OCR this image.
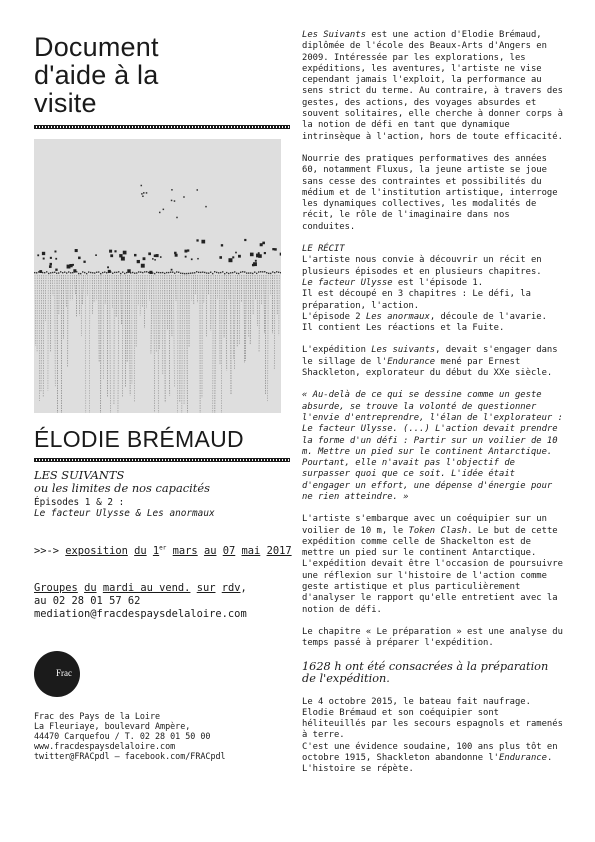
Document
d'aide à la
visite
ÉLODIE BRÉMAUD
LES SUIVANTS
ou les limites de nos capacités
Épisodes 1 & 2 :
Le facteur Ulysse & Les anormaux
>>-> exposition du 1er mars au 07 mai 2017
Groupes du mardi au vend. sur rdv,
au 02 28 01 57 62
mediation@fracdespaysdelaloire.com
Frac
Frac des Pays de la Loire
La Fleuriaye, boulevard Ampère,
44470 Carquefou / T. 02 28 01 50 00
www.fracdespaysdelaloire.com
twitter@FRACpdl – facebook.com/FRACpdl

Les Suivants est une action d'Elodie Brémaud, diplômée de l'école des Beaux-Arts d'Angers en 2009. Intéressée par les explorations, les expéditions, les aventures, l'artiste ne vise cependant jamais l'exploit, la performance au sens strict du terme. Au contraire, à travers des gestes, des actions, des voyages absurdes et souvent solitaires, elle cherche à donner corps à la notion de défi en tant que dynamique intrinsèque à l'action, hors de toute efficacité.

Nourrie des pratiques performatives des années 60, notamment Fluxus, la jeune artiste se joue sans cesse des contraintes et possibilités du médium et de l'institution artistique, interroge les dynamiques collectives, les modalités de récit, le rôle de l'imaginaire dans nos conduites.

LE RÉCIT
L'artiste nous convie à découvrir un récit en plusieurs épisodes et en plusieurs chapitres.
Le facteur Ulysse est l'épisode 1.
Il est découpé en 3 chapitres : Le défi, la préparation, l'action.
L'épisode 2 Les anormaux, découle de l'avarie.
Il contient Les réactions et la Fuite.

L'expédition Les suivants, devait s'engager dans le sillage de l'Endurance mené par Ernest Shackleton, explorateur du début du XXe siècle.

« Au-delà de ce qui se dessine comme un geste absurde, se trouve la volonté de questionner l'envie d'entreprendre, l'élan de l'explorateur : Le facteur Ulysse. (...) L'action devait prendre la forme d'un défi : Partir sur un voilier de 10 m. Mettre un pied sur le continent Antarctique. Pourtant, elle n'avait pas l'objectif de surpasser quoi que ce soit. L'idée était d'engager un effort, une dépense d'énergie pour ne rien atteindre. »

L'artiste s'embarque avec un coéquipier sur un voilier de 10 m, le Token Clash. Le but de cette expédition comme celle de Shackelton est de mettre un pied sur le continent Antarctique. L'expédition devait être l'occasion de poursuivre une réflexion sur l'histoire de l'action comme geste artistique et plus particulièrement d'analyser le rapport qu'elle entretient avec la notion de défi.

Le chapitre « Le préparation » est une analyse du temps passé à préparer l'expédition.

1628 h ont été consacrées à la préparation de l'expédition.

Le 4 octobre 2015, le bateau fait naufrage. Elodie Brémaud et son coéquipier sont héliteuillés par les secours espagnols et ramenés à terre.

C'est une évidence soudaine, 100 ans plus tôt en octobre 1915, Shackleton abandonne l'Endurance. L'histoire se répète.
